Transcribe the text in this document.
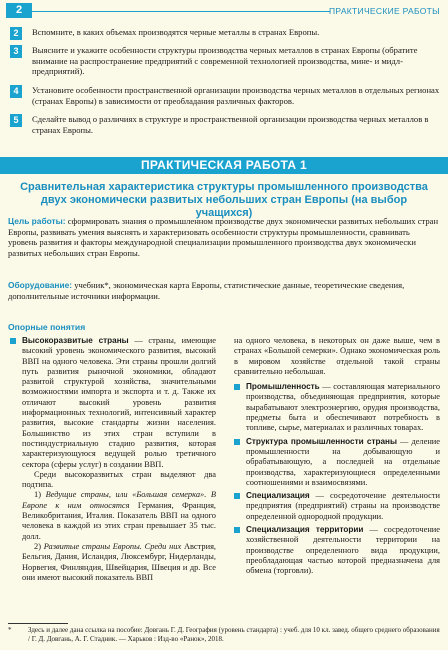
2	ПРАКТИЧЕСКИЕ РАБОТЫ
2	Вспомните, в каких объемах производятся черные металлы в странах Европы.
3	Выясните и укажите особенности структуры производства черных металлов в странах Европы (обратите внимание на распространение предприятий с современной технологией производства, мине- и мидл-предприятий).
4	Установите особенности пространственной организации производства черных металлов в отдельных регионах (странах Европы) в зависимости от преобладания различных факторов.
5	Сделайте вывод о различиях в структуре и пространственной организации производства черных металлов в странах Европы.
ПРАКТИЧЕСКАЯ РАБОТА 1
Сравнительная характеристика структуры промышленного производства двух экономически развитых небольших стран Европы (на выбор учащихся)
Цель работы: сформировать знания о промышленном производстве двух экономически развитых небольших стран Европы, развивать умения выяснять и характеризовать особенности структуры промышленности, сравнивать уровень развития и факторы международной специализации промышленного производства двух экономически развитых небольших стран Европы.
Оборудование: учебник*, экономическая карта Европы, статистические данные, теоретические сведения, дополнительные источники информации.
Опорные понятия
Высокоразвитые страны — страны, имеющие высокий уровень экономического развития, высокий ВВП на одного человека. Эти страны прошли долгий путь развития рыночной экономики, обладают развитой структурой хозяйства, значительными возможностями импорта и экспорта и т. д. Также их отличают высокий уровень развития информационных технологий, интенсивный характер развития, высокие стандарты жизни населения. Большинство из этих стран вступили в постиндустриальную стадию развития, которая характеризующуюся ведущей ролью третичного сектора (сферы услуг) в создании ВВП.
Среди высокоразвитых стран выделяют два подтипа.
1) Ведущие страны, или «Большая семерка». В Европе к ним относятся Германия, Франция, Великобритания, Италия. Показатель ВВП на одного человека в каждой из этих стран превышает 35 тыс. долл.
2) Развитые страны Европы. Среди них Австрия, Бельгия, Дания, Исландия, Люксембург, Нидерланды, Норвегия, Финляндия, Швейцария, Швеция и др. Все они имеют высокий показатель ВВП
на одного человека, в некоторых он даже выше, чем в странах «Большой семерки». Однако экономическая роль в мировом хозяйстве отдельной такой страны сравнительно небольшая.
Промышленность — составляющая материального производства, объединяющая предприятия, которые вырабатывают электроэнергию, орудия производства, предметы быта и обеспечивают потребность в топливе, сырье, материалах и различных товарах.
Структура промышленности страны — деление промышленности на добывающую и обрабатывающую, а последней на отдельные производства, характеризующиеся определенными соотношениями и взаимосвязями.
Специализация — сосредоточение деятельности предприятия (предприятий) страны на производстве определенной однородной продукции.
Специализация территории — сосредоточение хозяйственной деятельности территории на производстве определенного вида продукции, преобладающая частью которой предназначена для обмена (торговли).
* Здесь и далее дана ссылка на пособие: Довгань Г. Д. География (уровень стандарта) : учеб. для 10 кл. завед. общего среднего образования / Г. Д. Довгань, А. Г. Стадник. — Харьков : Изд-во «Ранок», 2018.
